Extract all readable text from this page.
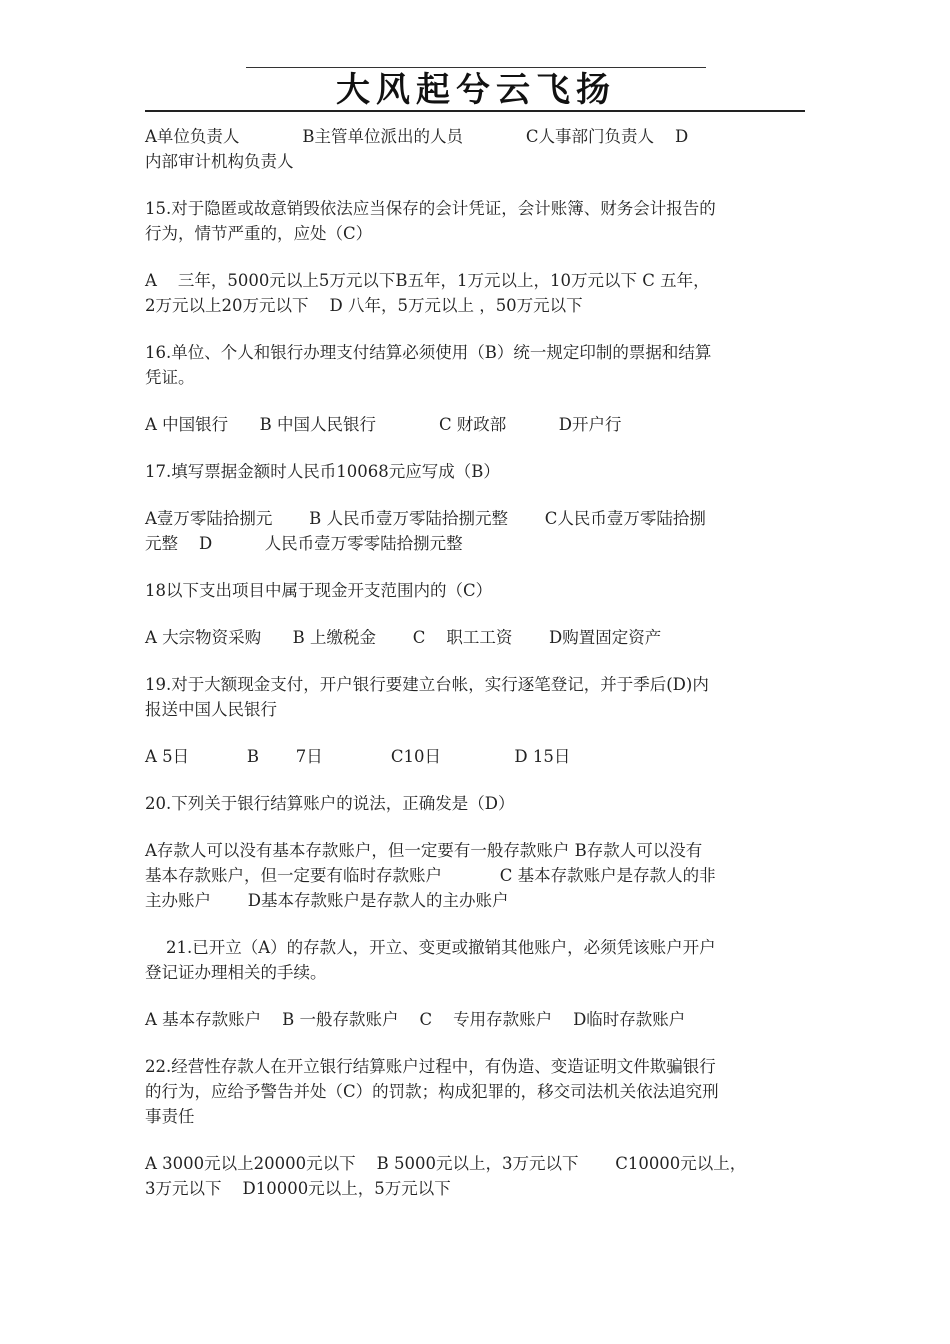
大风起兮云飞扬

A单位负责人            B主管单位派出的人员            C人事部门负责人    D
内部审计机构负责人

15.对于隐匿或故意销毁依法应当保存的会计凭证，会计账簿、财务会计报告的
行为，情节严重的，应处（C）

A    三年，5000元以上5万元以下B五年，1万元以上，10万元以下 C 五年，
2万元以上20万元以下    D 八年，5万元以上 ，50万元以下

16.单位、个人和银行办理支付结算必须使用（B）统一规定印制的票据和结算
凭证。

A 中国银行      B 中国人民银行            C 财政部          D开户行

17.填写票据金额时人民币10068元应写成（B）

A壹万零陆拾捌元       B 人民币壹万零陆拾捌元整       C人民币壹万零陆拾捌
元整    D          人民币壹万零零陆拾捌元整

18以下支出项目中属于现金开支范围内的（C）

A 大宗物资采购      B 上缴税金       C    职工工资       D购置固定资产

19.对于大额现金支付，开户银行要建立台帐，实行逐笔登记，并于季后(D)内
报送中国人民银行

A 5日           B       7日             C10日              D 15日

20.下列关于银行结算账户的说法，正确发是（D）

A存款人可以没有基本存款账户，但一定要有一般存款账户 B存款人可以没有
基本存款账户，但一定要有临时存款账户           C 基本存款账户是存款人的非
主办账户       D基本存款账户是存款人的主办账户

21.已开立（A）的存款人，开立、变更或撤销其他账户，必须凭该账户开户
登记证办理相关的手续。

A 基本存款账户    B 一般存款账户    C    专用存款账户    D临时存款账户

22.经营性存款人在开立银行结算账户过程中，有伪造、变造证明文件欺骗银行
的行为，应给予警告并处（C）的罚款；构成犯罪的，移交司法机关依法追究刑
事责任

A 3000元以上20000元以下    B 5000元以上，3万元以下       C10000元以上，
3万元以下    D10000元以上，5万元以下
